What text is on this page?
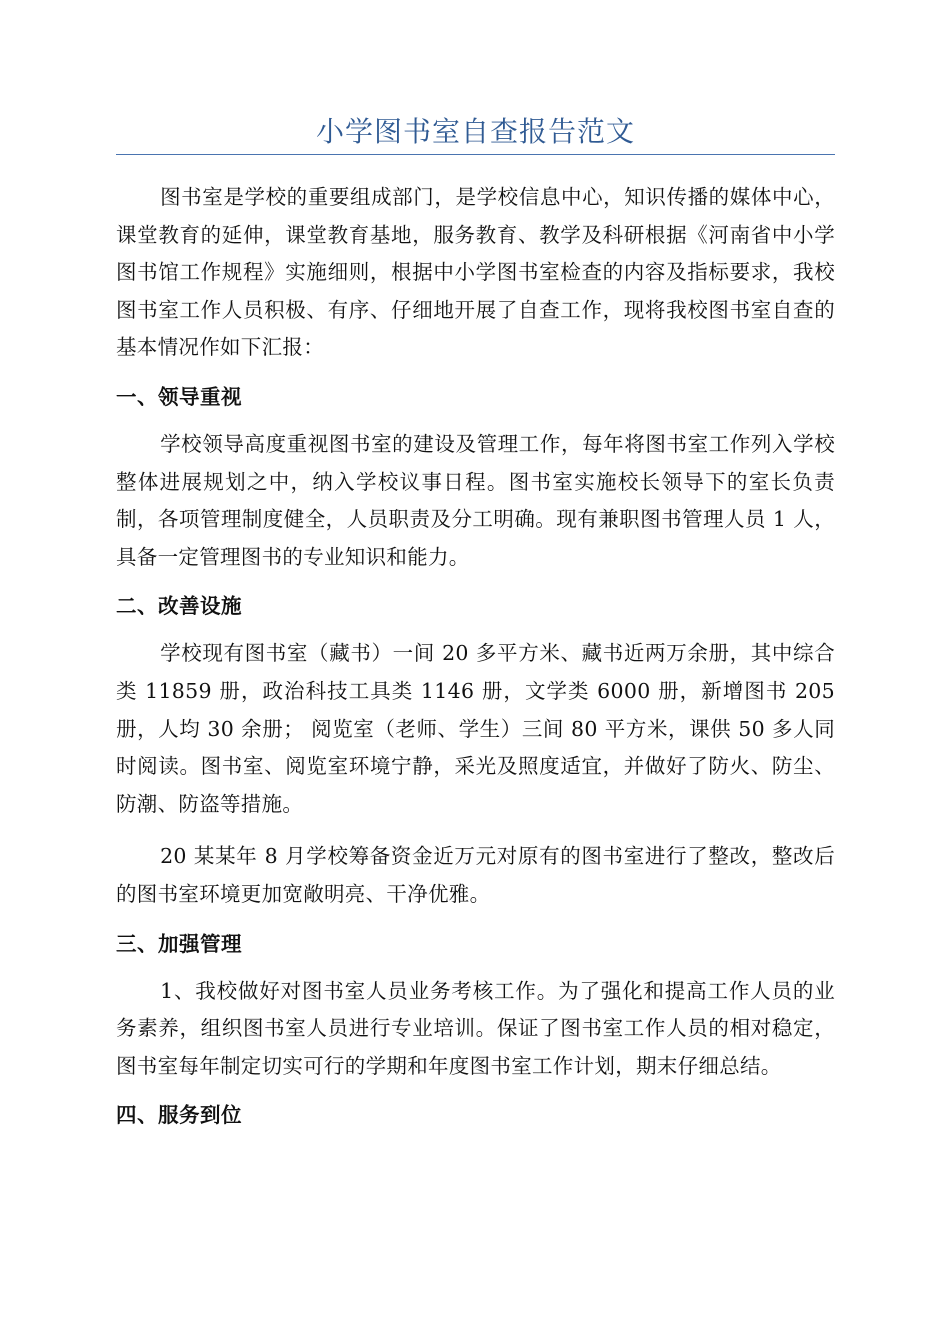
小学图书室自查报告范文

图书室是学校的重要组成部门，是学校信息中心，知识传播的媒体中心，课堂教育的延伸，课堂教育基地，服务教育、教学及科研根据《河南省中小学图书馆工作规程》实施细则，根据中小学图书室检查的内容及指标要求，我校图书室工作人员积极、有序、仔细地开展了自查工作，现将我校图书室自查的基本情况作如下汇报：

一、领导重视

学校领导高度重视图书室的建设及管理工作，每年将图书室工作列入学校整体进展规划之中，纳入学校议事日程。图书室实施校长领导下的室长负责制，各项管理制度健全，人员职责及分工明确。现有兼职图书管理人员 1 人，具备一定管理图书的专业知识和能力。

二、改善设施

学校现有图书室（藏书）一间 20 多平方米、藏书近两万余册，其中综合类 11859 册，政治科技工具类 1146 册，文学类 6000 册，新增图书 205 册，人均 30 余册； 阅览室（老师、学生）三间 80 平方米，课供 50 多人同时阅读。图书室、阅览室环境宁静，采光及照度适宜，并做好了防火、防尘、防潮、防盗等措施。

20 某某年 8 月学校筹备资金近万元对原有的图书室进行了整改，整改后的图书室环境更加宽敞明亮、干净优雅。

三、加强管理

1、我校做好对图书室人员业务考核工作。为了强化和提高工作人员的业务素养，组织图书室人员进行专业培训。保证了图书室工作人员的相对稳定，图书室每年制定切实可行的学期和年度图书室工作计划，期末仔细总结。

四、服务到位
